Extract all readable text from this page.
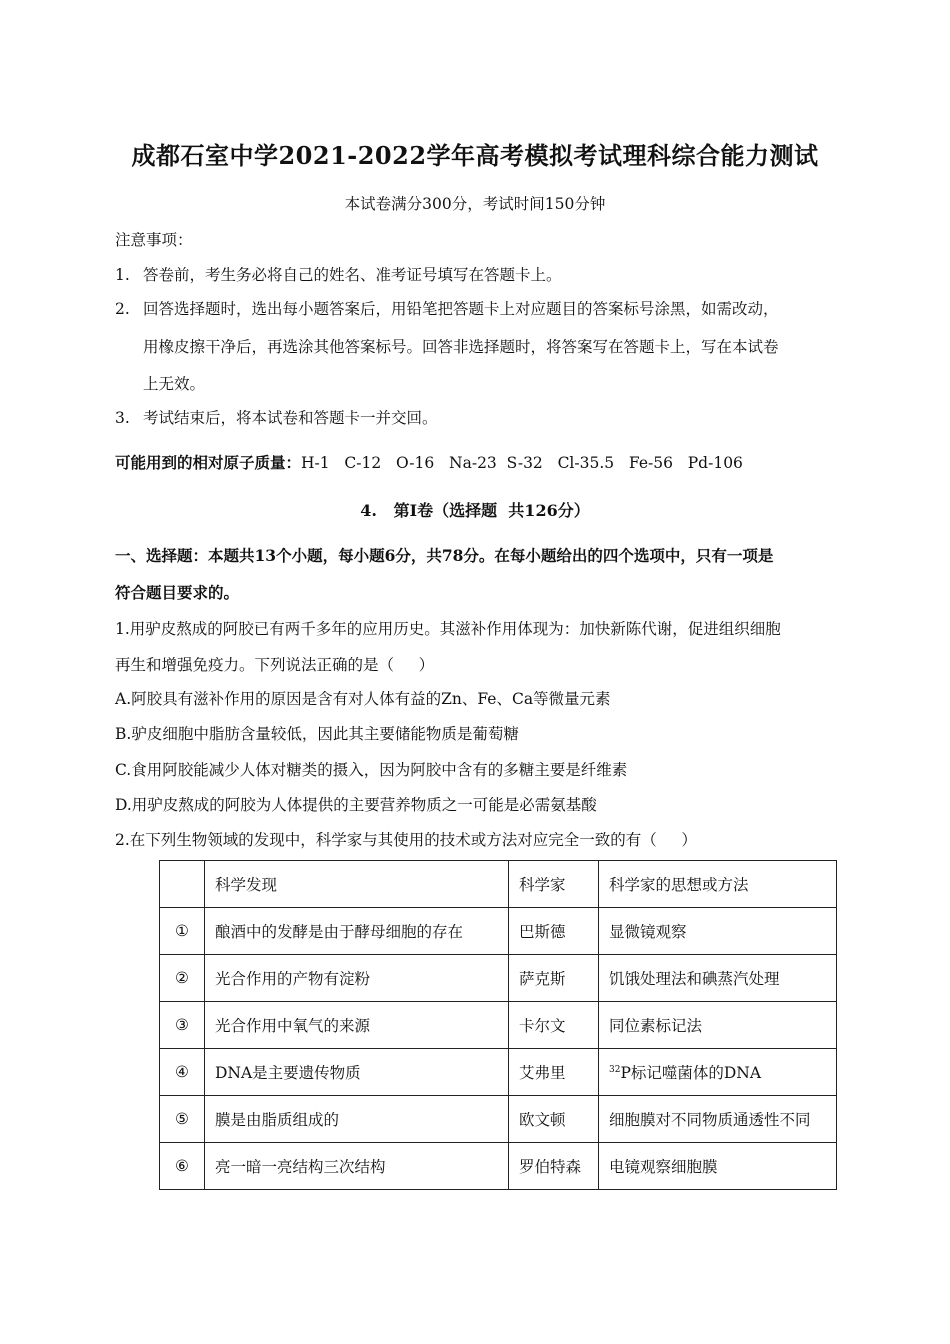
成都石室中学2021-2022学年高考模拟考试理科综合能力测试
本试卷满分300分，考试时间150分钟
注意事项：
1. 答卷前，考生务必将自己的姓名、准考证号填写在答题卡上。
2. 回答选择题时，选出每小题答案后，用铅笔把答题卡上对应题目的答案标号涂黑，如需改动，
用橡皮擦干净后，再选涂其他答案标号。回答非选择题时，将答案写在答题卡上，写在本试卷
上无效。
3. 考试结束后，将本试卷和答题卡一并交回。
可能用到的相对原子质量：H-1   C-12   O-16   Na-23  S-32   Cl-35.5   Fe-56   Pd-106
4.   第Ⅰ卷（选择题  共126分）
一、选择题：本题共13个小题，每小题6分，共78分。在每小题给出的四个选项中，只有一项是
符合题目要求的。
1.用驴皮熬成的阿胶已有两千多年的应用历史。其滋补作用体现为：加快新陈代谢，促进组织细胞
再生和增强免疫力。下列说法正确的是（     ）
A.阿胶具有滋补作用的原因是含有对人体有益的Zn、Fe、Ca等微量元素
B.驴皮细胞中脂肪含量较低，因此其主要储能物质是葡萄糖
C.食用阿胶能减少人体对糖类的摄入，因为阿胶中含有的多糖主要是纤维素
D.用驴皮熬成的阿胶为人体提供的主要营养物质之一可能是必需氨基酸
2.在下列生物领域的发现中，科学家与其使用的技术或方法对应完全一致的有（     ）
	科学发现	科学家	科学家的思想或方法
①	酿酒中的发酵是由于酵母细胞的存在	巴斯德	显微镜观察
②	光合作用的产物有淀粉	萨克斯	饥饿处理法和碘蒸汽处理
③	光合作用中氧气的来源	卡尔文	同位素标记法
④	DNA是主要遗传物质	艾弗里	$^{32}$P标记噬菌体的DNA
⑤	膜是由脂质组成的	欧文顿	细胞膜对不同物质通透性不同
⑥	亮一暗一亮结构三次结构	罗伯特森	电镜观察细胞膜
